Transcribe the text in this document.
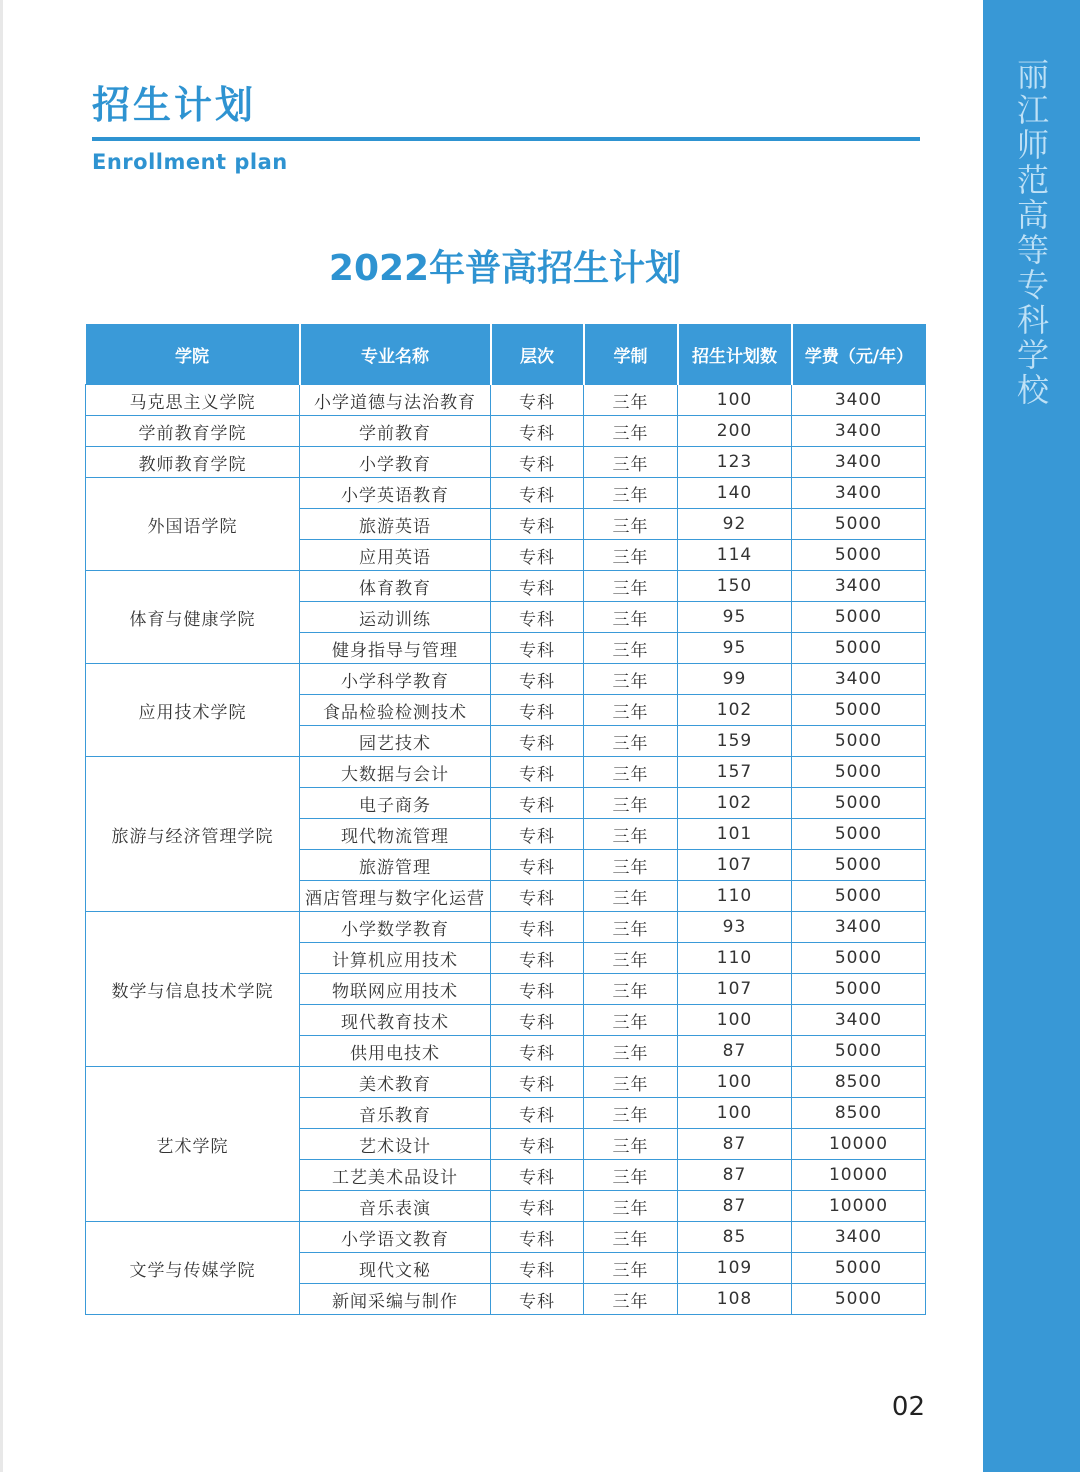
招生计划
Enrollment plan
丽江师范高等专科学校
2022年普高招生计划
学院	专业名称	层次	学制	招生计划数	学费（元/年）
马克思主义学院	小学道德与法治教育	专科	三年	100	3400
学前教育学院	学前教育	专科	三年	200	3400
教师教育学院	小学教育	专科	三年	123	3400
外国语学院	小学英语教育	专科	三年	140	3400
	旅游英语	专科	三年	92	5000
	应用英语	专科	三年	114	5000
体育与健康学院	体育教育	专科	三年	150	3400
	运动训练	专科	三年	95	5000
	健身指导与管理	专科	三年	95	5000
应用技术学院	小学科学教育	专科	三年	99	3400
	食品检验检测技术	专科	三年	102	5000
	园艺技术	专科	三年	159	5000
旅游与经济管理学院	大数据与会计	专科	三年	157	5000
	电子商务	专科	三年	102	5000
	现代物流管理	专科	三年	101	5000
	旅游管理	专科	三年	107	5000
	酒店管理与数字化运营	专科	三年	110	5000
数学与信息技术学院	小学数学教育	专科	三年	93	3400
	计算机应用技术	专科	三年	110	5000
	物联网应用技术	专科	三年	107	5000
	现代教育技术	专科	三年	100	3400
	供用电技术	专科	三年	87	5000
艺术学院	美术教育	专科	三年	100	8500
	音乐教育	专科	三年	100	8500
	艺术设计	专科	三年	87	10000
	工艺美术品设计	专科	三年	87	10000
	音乐表演	专科	三年	87	10000
文学与传媒学院	小学语文教育	专科	三年	85	3400
	现代文秘	专科	三年	109	5000
	新闻采编与制作	专科	三年	108	5000
02
